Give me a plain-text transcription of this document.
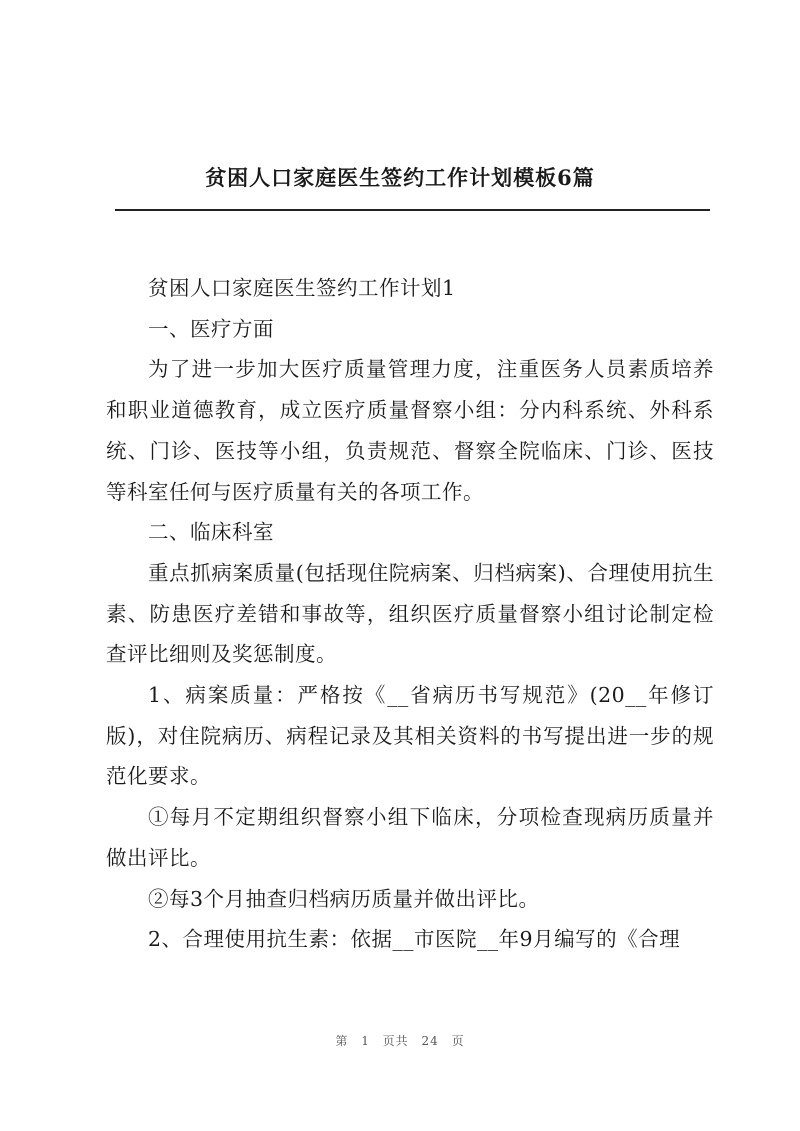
贫困人口家庭医生签约工作计划模板6篇

贫困人口家庭医生签约工作计划1

一、医疗方面

为了进一步加大医疗质量管理力度，注重医务人员素质培养和职业道德教育，成立医疗质量督察小组：分内科系统、外科系统、门诊、医技等小组，负责规范、督察全院临床、门诊、医技等科室任何与医疗质量有关的各项工作。

二、临床科室

重点抓病案质量(包括现住院病案、归档病案)、合理使用抗生素、防患医疗差错和事故等，组织医疗质量督察小组讨论制定检查评比细则及奖惩制度。

1、病案质量：严格按《__省病历书写规范》(20__年修订版)，对住院病历、病程记录及其相关资料的书写提出进一步的规范化要求。

①每月不定期组织督察小组下临床，分项检查现病历质量并做出评比。

②每3个月抽查归档病历质量并做出评比。

2、合理使用抗生素：依据__市医院__年9月编写的《合理

第 1 页共 24 页
